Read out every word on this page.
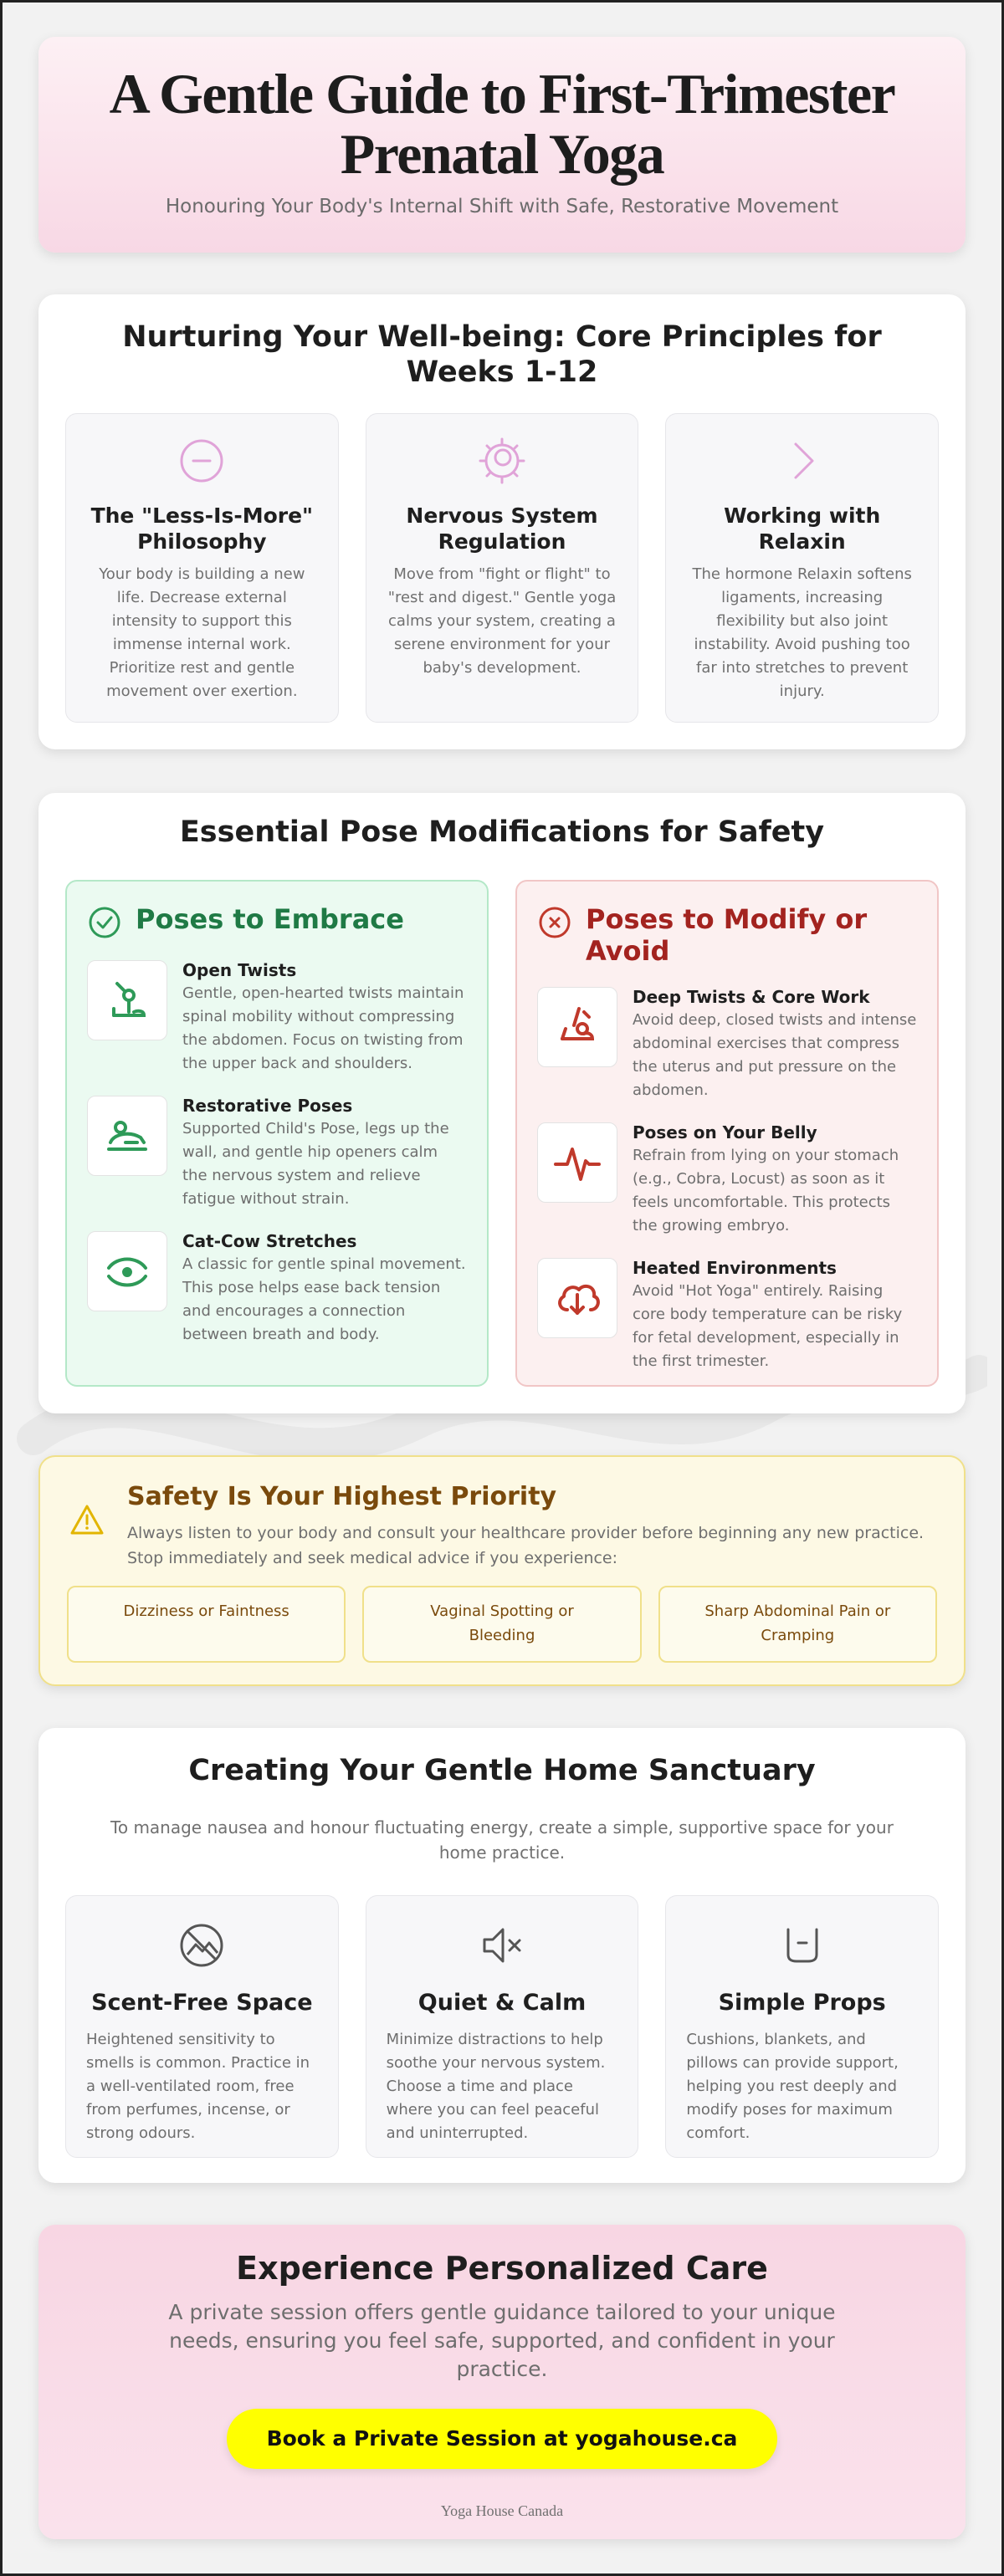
A Gentle Guide to First-Trimester Prenatal Yoga
Honouring Your Body's Internal Shift with Safe, Restorative Movement
Nurturing Your Well-being: Core Principles for Weeks 1-12
The "Less-Is-More" Philosophy

Your body is building a new life. Decrease external intensity to support this immense internal work. Prioritize rest and gentle movement over exertion.

Nervous System Regulation

Move from "fight or flight" to "rest and digest." Gentle yoga calms your system, creating a serene environment for your baby's development.

Working with Relaxin

The hormone Relaxin softens ligaments, increasing flexibility but also joint instability. Avoid pushing too far into stretches to prevent injury.

Essential Pose Modifications for Safety
Poses to Embrace
Open Twists

Gentle, open-hearted twists maintain spinal mobility without compressing the abdomen. Focus on twisting from the upper back and shoulders.

Restorative Poses

Supported Child's Pose, legs up the wall, and gentle hip openers calm the nervous system and relieve fatigue without strain.

Cat-Cow Stretches

A classic for gentle spinal movement. This pose helps ease back tension and encourages a connection between breath and body.

Poses to Modify or Avoid
Deep Twists & Core Work

Avoid deep, closed twists and intense abdominal exercises that compress the uterus and put pressure on the abdomen.

Poses on Your Belly

Refrain from lying on your stomach (e.g., Cobra, Locust) as soon as it feels uncomfortable. This protects the growing embryo.

Heated Environments

Avoid "Hot Yoga" entirely. Raising core body temperature can be risky for fetal development, especially in the first trimester.

Safety Is Your Highest Priority

Always listen to your body and consult your healthcare provider before beginning any new practice. Stop immediately and seek medical advice if you experience:

Dizziness or Faintness	Vaginal Spotting or Bleeding
Sharp Abdominal Pain or Cramping
Creating Your Gentle Home Sanctuary

To manage nausea and honour fluctuating energy, create a simple, supportive space for your home practice.

Scent-Free Space

Heightened sensitivity to smells is common. Practice in a well-ventilated room, free from perfumes, incense, or strong odours.

Quiet & Calm

Minimize distractions to help soothe your nervous system. Choose a time and place where you can feel peaceful and uninterrupted.

Simple Props

Cushions, blankets, and pillows can provide support, helping you rest deeply and modify poses for maximum comfort.

Experience Personalized Care

A private session offers gentle guidance tailored to your unique needs, ensuring you feel safe, supported, and confident in your practice.

Book a Private Session at yogahouse.ca
Yoga House Canada
